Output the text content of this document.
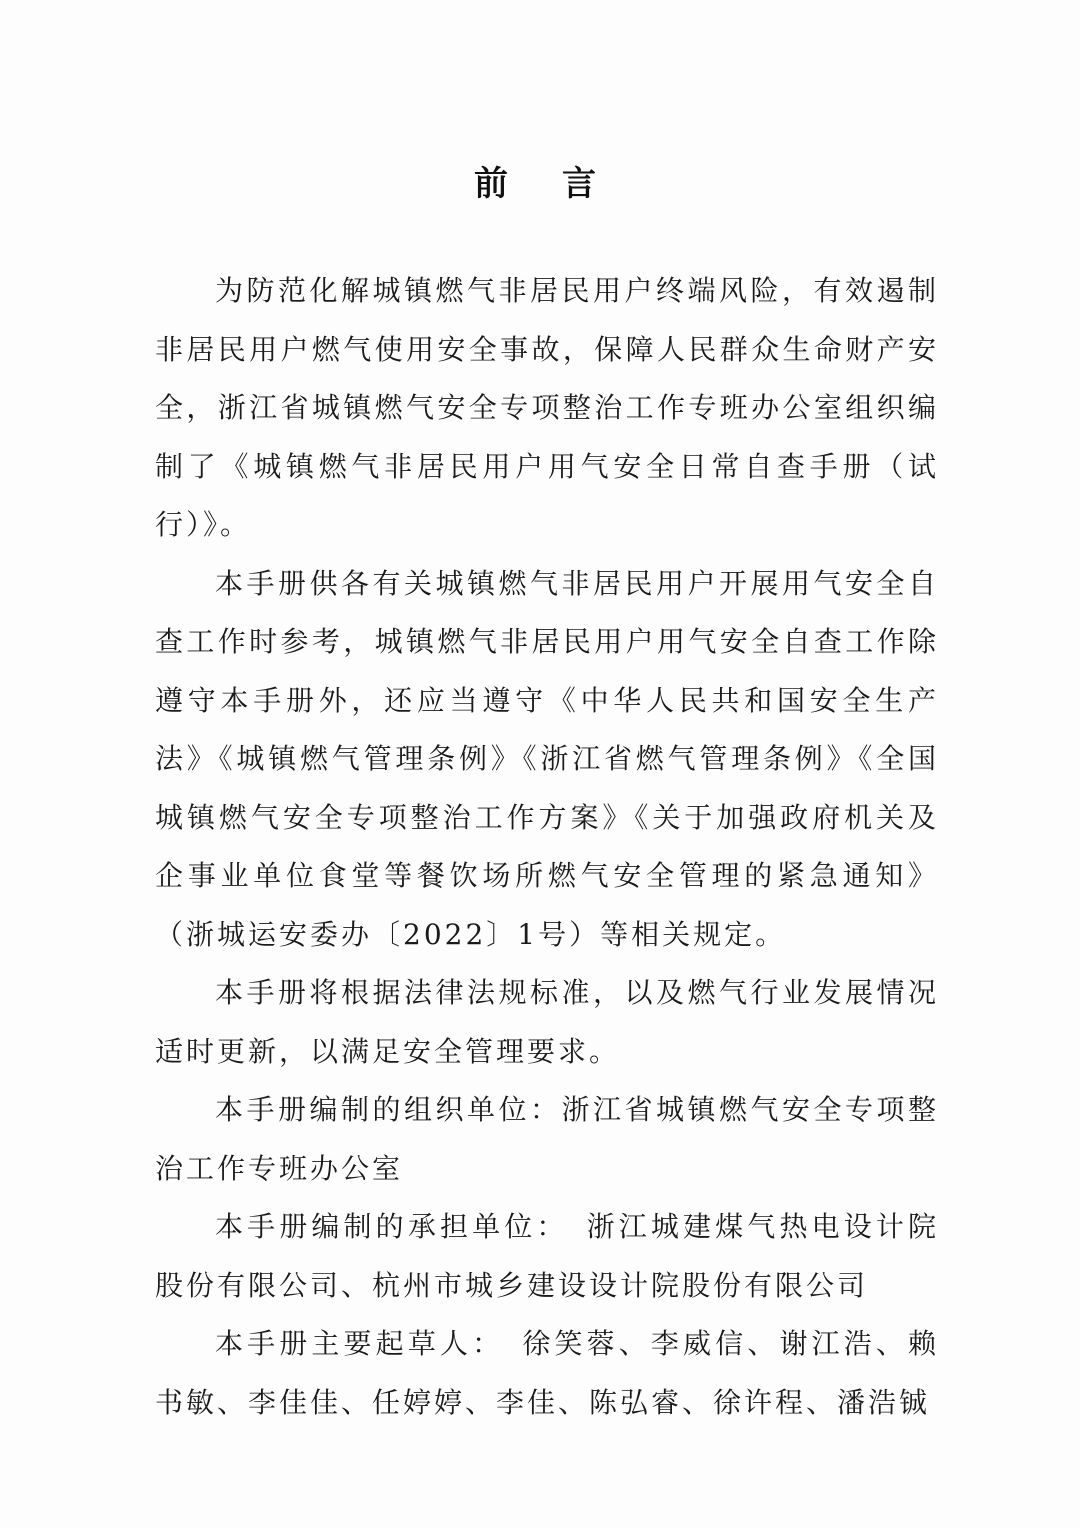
前　言

为防范化解城镇燃气非居民用户终端风险，有效遏制非居民用户燃气使用安全事故，保障人民群众生命财产安全，浙江省城镇燃气安全专项整治工作专班办公室组织编制了《城镇燃气非居民用户用气安全日常自查手册（试行）》。

本手册供各有关城镇燃气非居民用户开展用气安全自查工作时参考，城镇燃气非居民用户用气安全自查工作除遵守本手册外，还应当遵守《中华人民共和国安全生产法》《城镇燃气管理条例》《浙江省燃气管理条例》《全国城镇燃气安全专项整治工作方案》《关于加强政府机关及企事业单位食堂等餐饮场所燃气安全管理的紧急通知》（浙城运安委办〔2022〕1号）等相关规定。

本手册将根据法律法规标准，以及燃气行业发展情况适时更新，以满足安全管理要求。

本手册编制的组织单位：浙江省城镇燃气安全专项整治工作专班办公室

本手册编制的承担单位：　浙江城建煤气热电设计院股份有限公司、杭州市城乡建设设计院股份有限公司

本手册主要起草人：　徐笑蓉、李威信、谢江浩、赖书敏、李佳佳、任婷婷、李佳、陈弘睿、徐许程、潘浩铖
